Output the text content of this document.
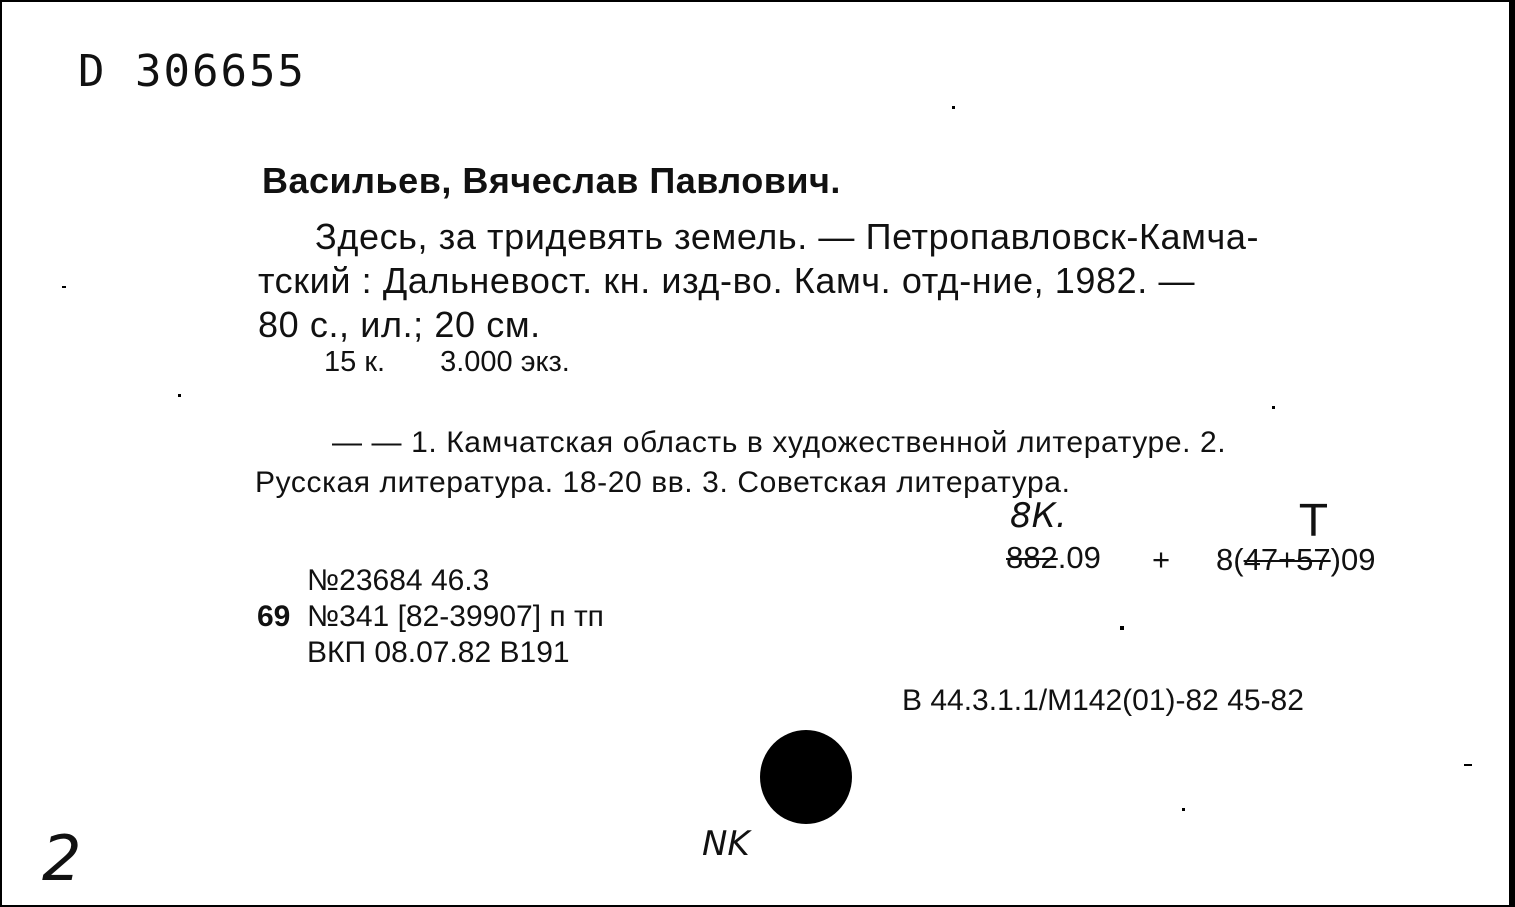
D 306655
Васильев, Вячеслав Павлович.
Здесь, за тридевять земель. — Петропавловск-Камча-
тский : Дальневост. кн. изд-во. Камч. отд-ние, 1982. —
80 с., ил.; 20 см.
15 к. 3.000 экз.
— — 1. Камчатская область в художественной литературе. 2.
Русская литература. 18-20 вв. 3. Советская литература.
8К.	Т
882.09 + 8(47+57)09
№23684 46.3
69 №341 [82-39907] п тп
ВКП 08.07.82 В191
В 44.3.1.1/М142(01)-82 45-82
NK
2
